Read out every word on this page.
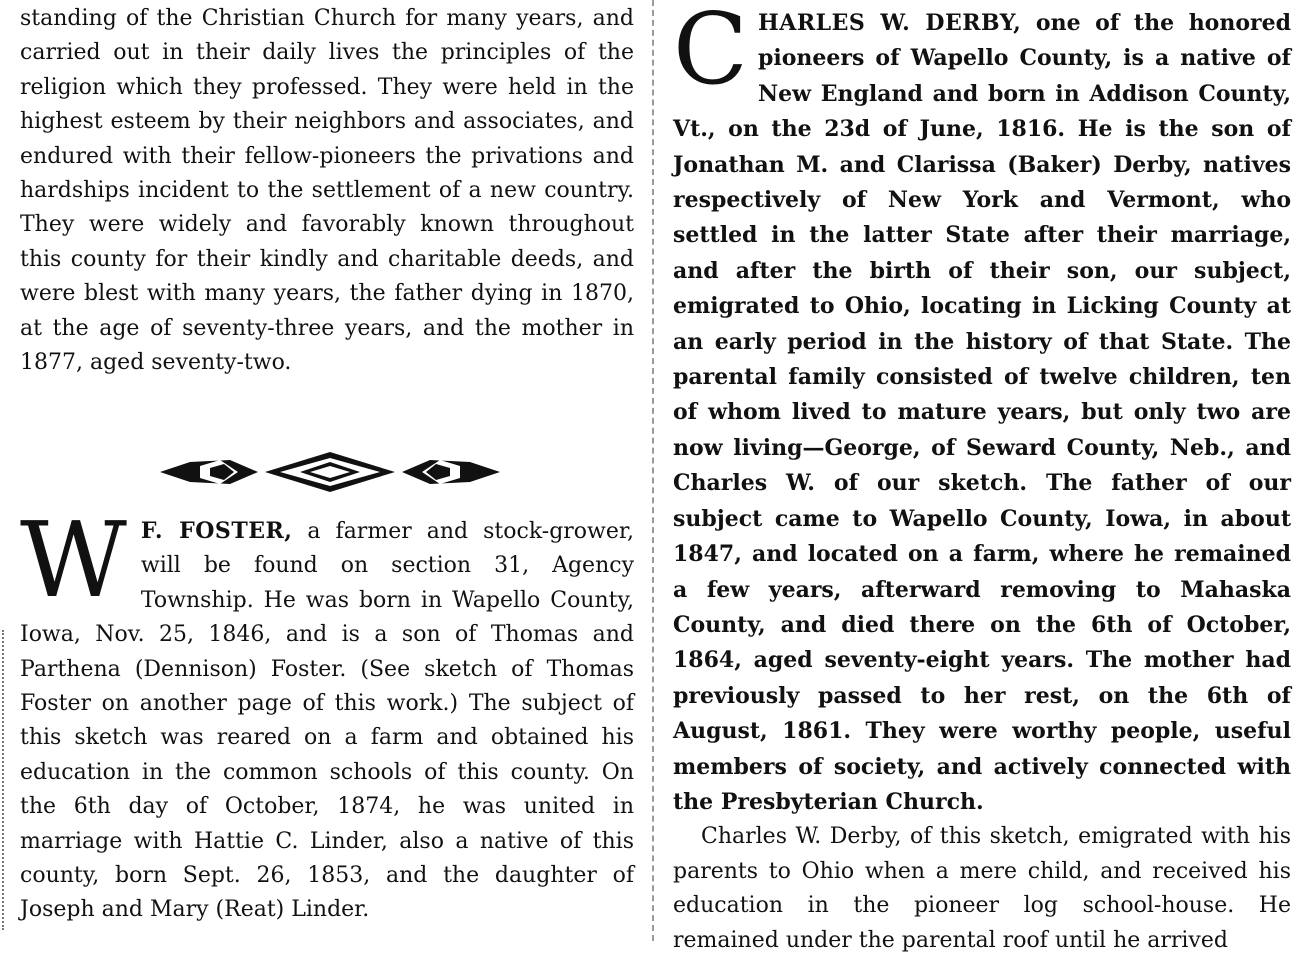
standing of the Christian Church for many years, and carried out in their daily lives the principles of the religion which they professed. They were held in the highest esteem by their neighbors and associates, and endured with their fellow-pioneers the privations and hardships incident to the settlement of a new country. They were widely and favorably known throughout this county for their kindly and charitable deeds, and were blest with many years, the father dying in 1870, at the age of seventy-three years, and the mother in 1877, aged seventy-two.

W F. FOSTER, a farmer and stock-grower, will be found on section 31, Agency Township. He was born in Wapello County, Iowa, Nov. 25, 1846, and is a son of Thomas and Parthena (Dennison) Foster. (See sketch of Thomas Foster on another page of this work.) The subject of this sketch was reared on a farm and obtained his education in the common schools of this county. On the 6th day of October, 1874, he was united in marriage with Hattie C. Linder, also a native of this county, born Sept. 26, 1853, and the daughter of Joseph and Mary (Reat) Linder.

C HARLES W. DERBY, one of the honored pioneers of Wapello County, is a native of New England and born in Addison County, Vt., on the 23d of June, 1816. He is the son of Jonathan M. and Clarissa (Baker) Derby, natives respectively of New York and Vermont, who settled in the latter State after their marriage, and after the birth of their son, our subject, emigrated to Ohio, locating in Licking County at an early period in the history of that State. The parental family consisted of twelve children, ten of whom lived to mature years, but only two are now living—George, of Seward County, Neb., and Charles W. of our sketch. The father of our subject came to Wapello County, Iowa, in about 1847, and located on a farm, where he remained a few years, afterward removing to Mahaska County, and died there on the 6th of October, 1864, aged seventy-eight years. The mother had previously passed to her rest, on the 6th of August, 1861. They were worthy people, useful members of society, and actively connected with the Presbyterian Church.

Charles W. Derby, of this sketch, emigrated with his parents to Ohio when a mere child, and received his education in the pioneer log school-house. He remained under the parental roof until he arrived
